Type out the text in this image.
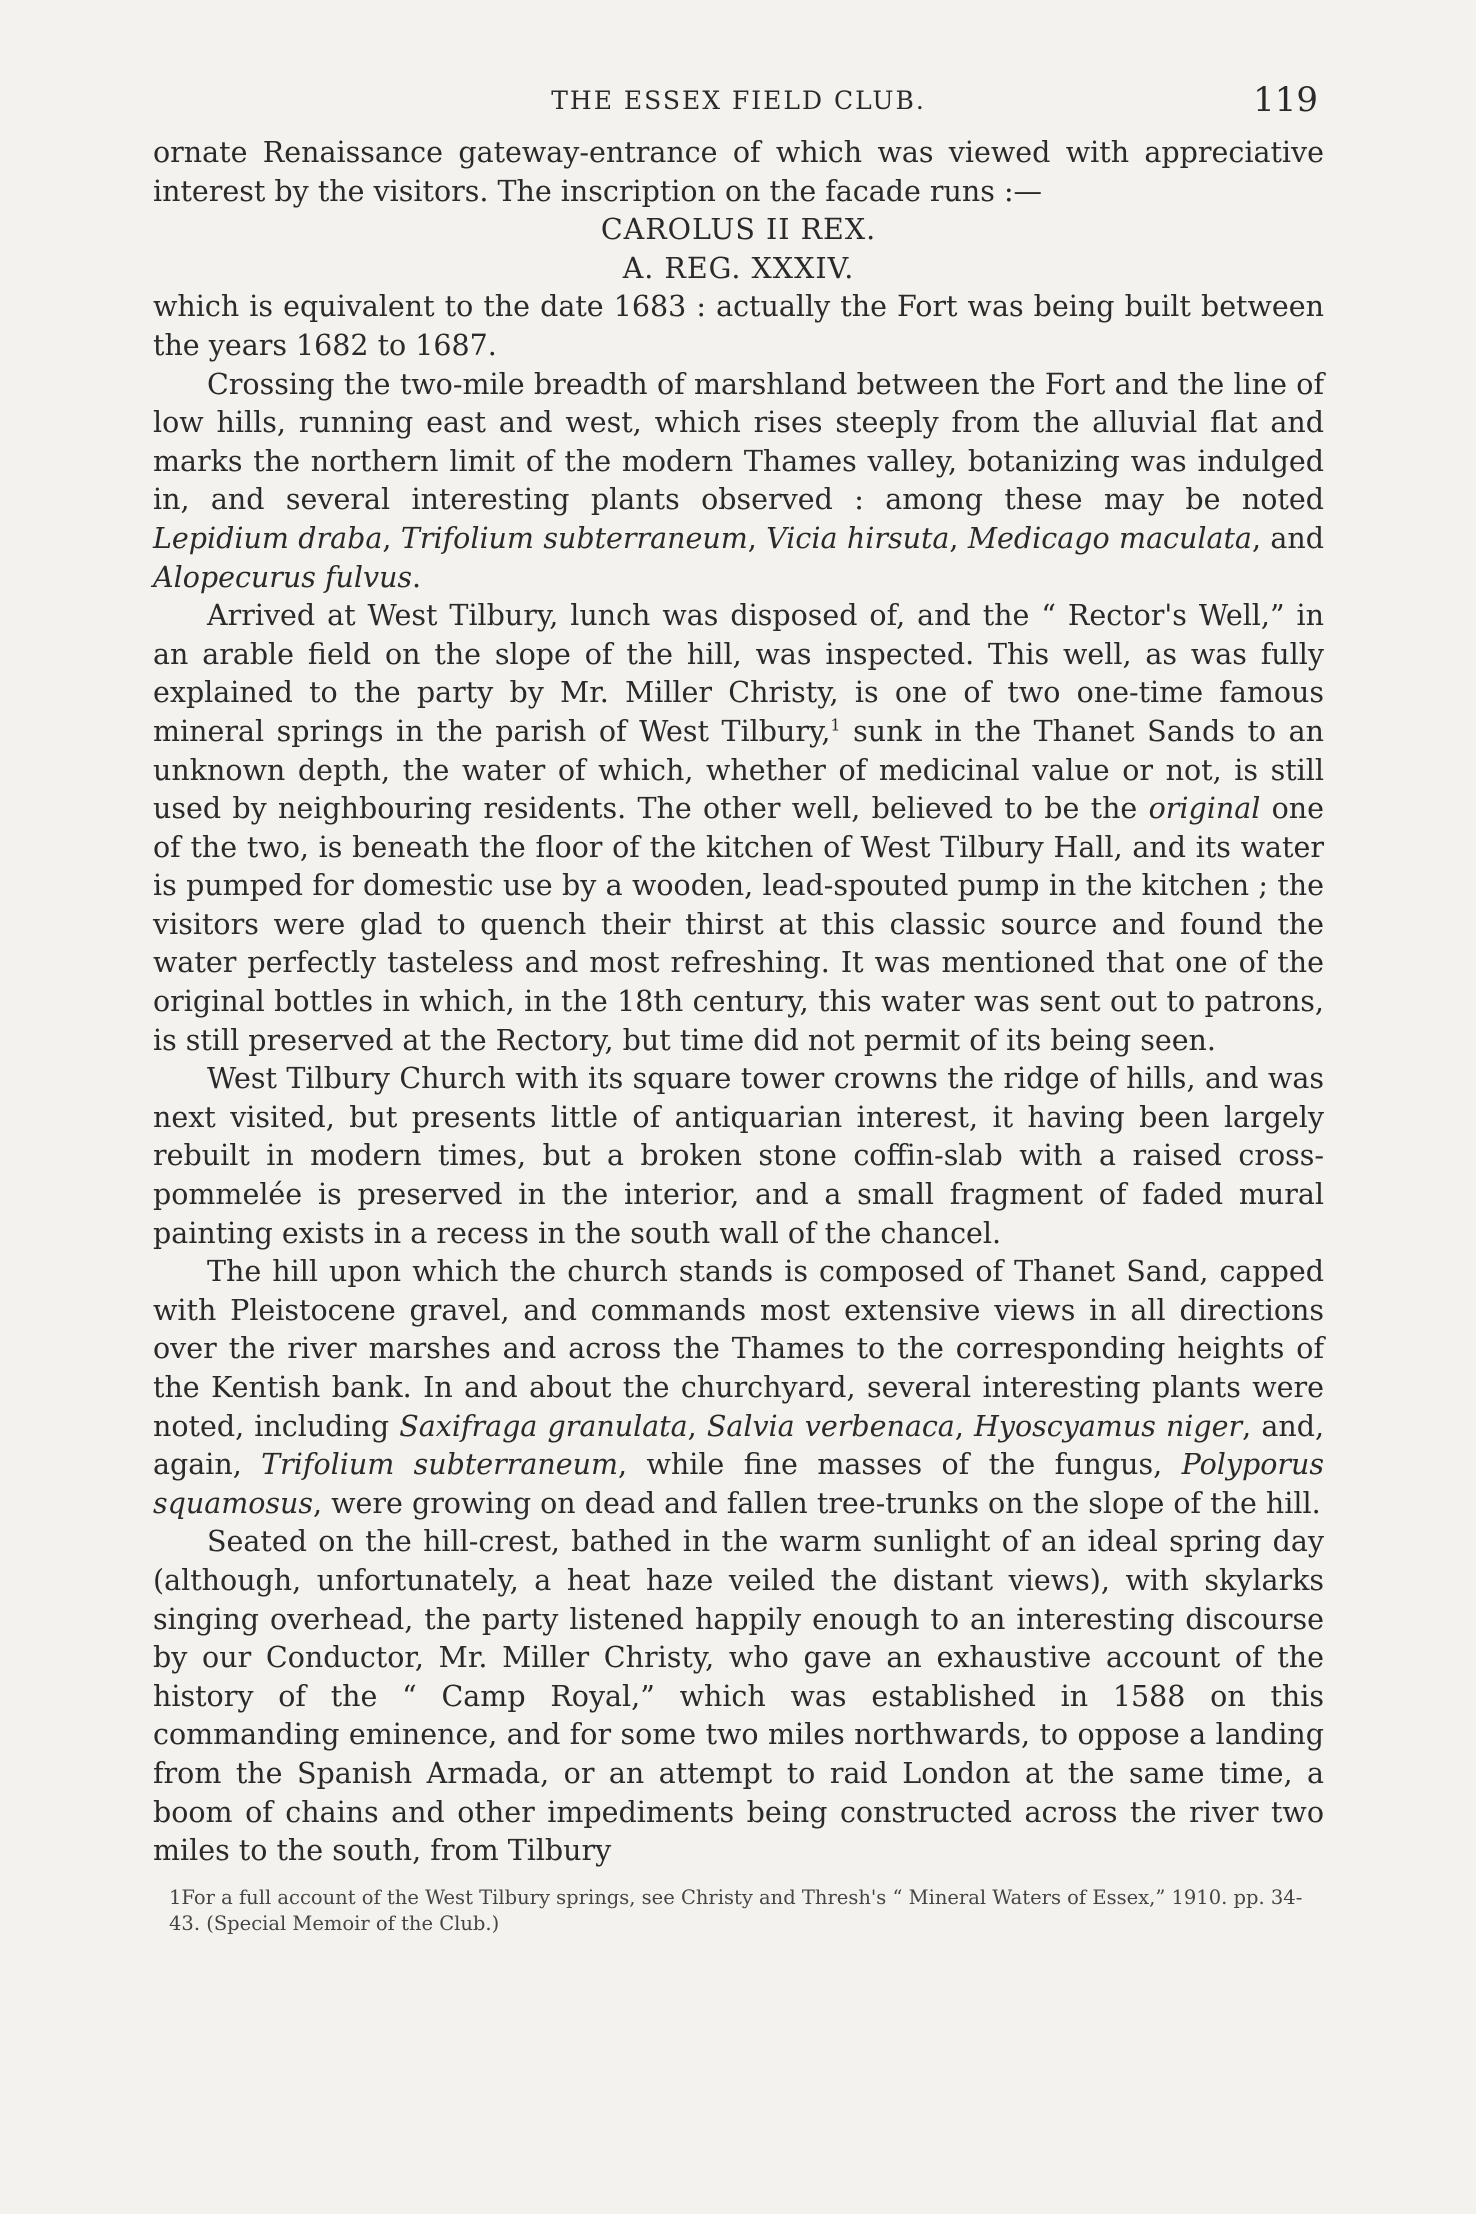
THE ESSEX FIELD CLUB.	119

ornate Renaissance gateway-entrance of which was viewed with appreciative interest by the visitors. The inscription on the facade runs :—

CAROLUS II REX.
A. REG. XXXIV.

which is equivalent to the date 1683 : actually the Fort was being built between the years 1682 to 1687.

Crossing the two-mile breadth of marshland between the Fort and the line of low hills, running east and west, which rises steeply from the alluvial flat and marks the northern limit of the modern Thames valley, botanizing was indulged in, and several interesting plants observed : among these may be noted Lepidium draba, Trifolium subterraneum, Vicia hirsuta, Medicago maculata, and Alopecurus fulvus.

Arrived at West Tilbury, lunch was disposed of, and the “ Rector's Well,” in an arable field on the slope of the hill, was inspected. This well, as was fully explained to the party by Mr. Miller Christy, is one of two one-time famous mineral springs in the parish of West Tilbury,$^1$ sunk in the Thanet Sands to an unknown depth, the water of which, whether of medicinal value or not, is still used by neighbouring residents. The other well, believed to be the original one of the two, is beneath the floor of the kitchen of West Tilbury Hall, and its water is pumped for domestic use by a wooden, lead-spouted pump in the kitchen ; the visitors were glad to quench their thirst at this classic source and found the water perfectly tasteless and most refreshing. It was mentioned that one of the original bottles in which, in the 18th century, this water was sent out to patrons, is still preserved at the Rectory, but time did not permit of its being seen.

West Tilbury Church with its square tower crowns the ridge of hills, and was next visited, but presents little of antiquarian interest, it having been largely rebuilt in modern times, but a broken stone coffin-slab with a raised cross-pommelée is preserved in the interior, and a small fragment of faded mural painting exists in a recess in the south wall of the chancel.

The hill upon which the church stands is composed of Thanet Sand, capped with Pleistocene gravel, and commands most extensive views in all directions over the river marshes and across the Thames to the corresponding heights of the Kentish bank. In and about the churchyard, several interesting plants were noted, including Saxifraga granulata, Salvia verbenaca, Hyoscyamus niger, and, again, Trifolium subterraneum, while fine masses of the fungus, Polyporus squamosus, were growing on dead and fallen tree-trunks on the slope of the hill.

Seated on the hill-crest, bathed in the warm sunlight of an ideal spring day (although, unfortunately, a heat haze veiled the distant views), with skylarks singing overhead, the party listened happily enough to an interesting discourse by our Conductor, Mr. Miller Christy, who gave an exhaustive account of the history of the “ Camp Royal,” which was established in 1588 on this commanding eminence, and for some two miles northwards, to oppose a landing from the Spanish Armada, or an attempt to raid London at the same time, a boom of chains and other impediments being constructed across the river two miles to the south, from Tilbury

1For a full account of the West Tilbury springs, see Christy and Thresh's “ Mineral Waters of Essex,” 1910. pp. 34-43. (Special Memoir of the Club.)
